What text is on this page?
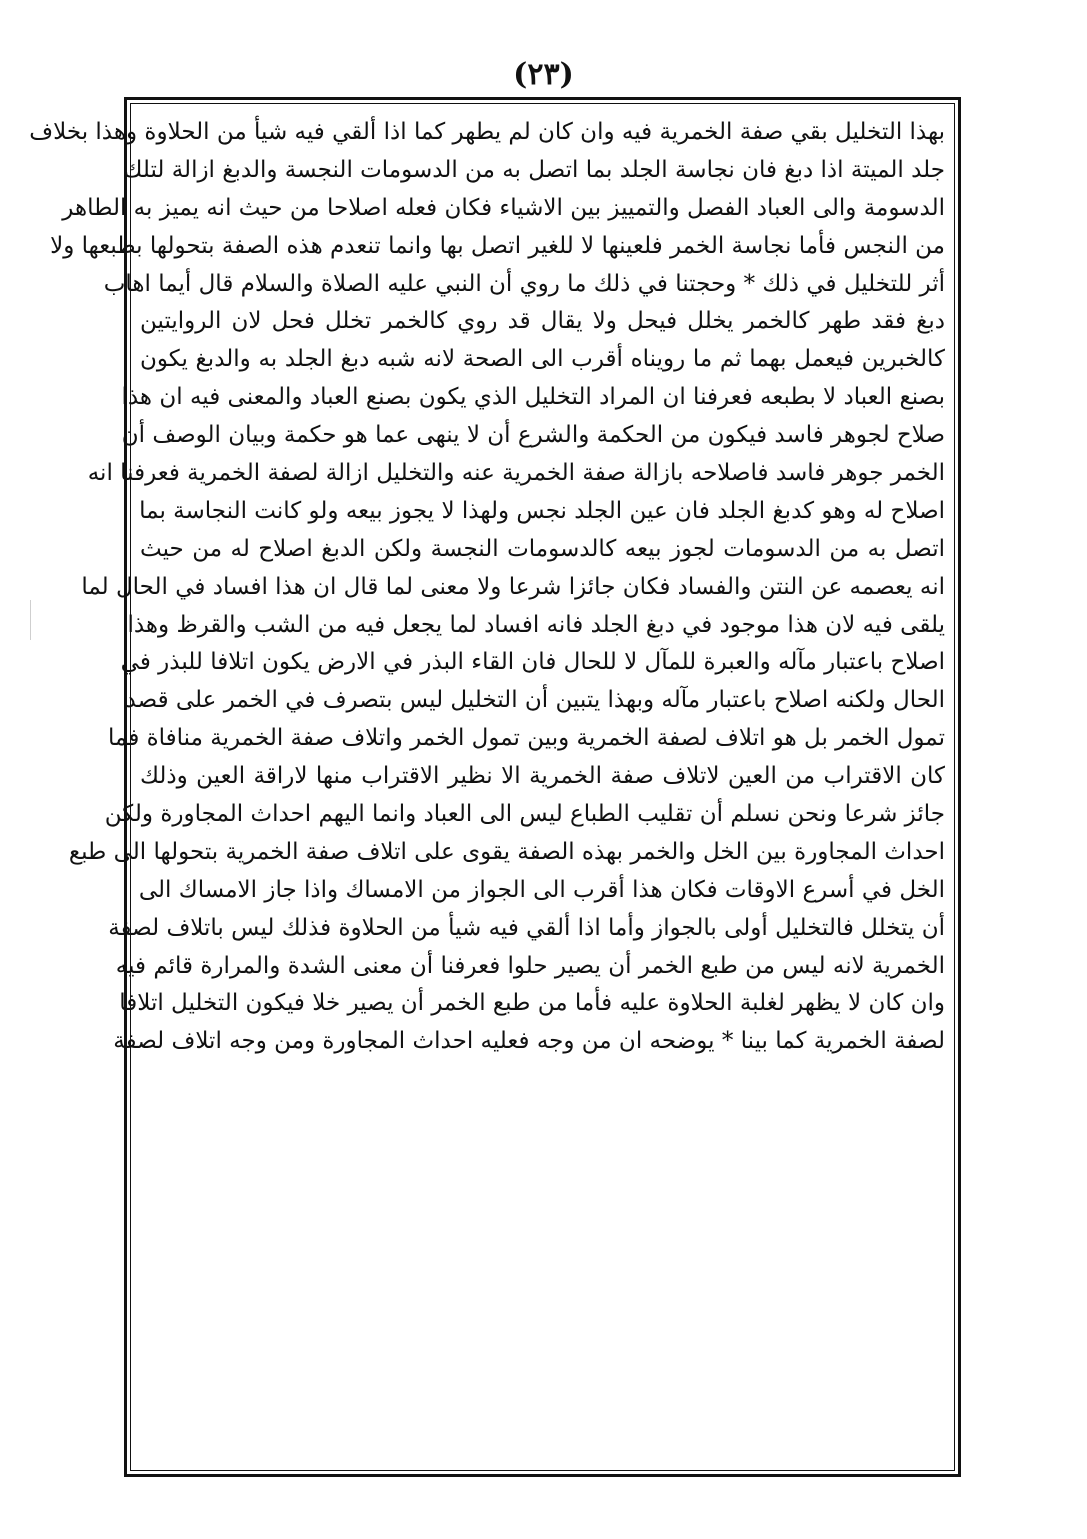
(٢٣)
بهذا التخليل بقي صفة الخمرية فيه وان كان لم يطهر كما اذا ألقي فيه شيأ من الحلاوة وهذا بخلاف
جلد الميتة اذا دبغ فان نجاسة الجلد بما اتصل به من الدسومات النجسة والدبغ ازالة لتلك
الدسومة والى العباد الفصل والتمييز بين الاشياء فكان فعله اصلاحا من حيث انه يميز به الطاهر
من النجس فأما نجاسة الخمر فلعينها لا للغير اتصل بها وانما تنعدم هذه الصفة بتحولها بطبعها ولا
أثر للتخليل في ذلك * وحجتنا في ذلك ما روي أن النبي عليه الصلاة والسلام قال أيما اهاب
دبغ فقد طهر كالخمر يخلل فيحل ولا يقال قد روي كالخمر تخلل فحل لان الروايتين
كالخبرين فيعمل بهما ثم ما رويناه أقرب الى الصحة لانه شبه دبغ الجلد به والدبغ يكون
بصنع العباد لا بطبعه فعرفنا ان المراد التخليل الذي يكون بصنع العباد والمعنى فيه ان هذا
صلاح لجوهر فاسد فيكون من الحكمة والشرع أن لا ينهى عما هو حكمة وبيان الوصف أن
الخمر جوهر فاسد فاصلاحه بازالة صفة الخمرية عنه والتخليل ازالة لصفة الخمرية فعرفنا انه
اصلاح له وهو كدبغ الجلد فان عين الجلد نجس ولهذا لا يجوز بيعه ولو كانت النجاسة بما
اتصل به من الدسومات لجوز بيعه كالدسومات النجسة ولكن الدبغ اصلاح له من حيث
انه يعصمه عن النتن والفساد فكان جائزا شرعا ولا معنى لما قال ان هذا افساد في الحال لما
يلقى فيه لان هذا موجود في دبغ الجلد فانه افساد لما يجعل فيه من الشب والقرظ وهذا
اصلاح باعتبار مآله والعبرة للمآل لا للحال فان القاء البذر في الارض يكون اتلافا للبذر في
الحال ولكنه اصلاح باعتبار مآله وبهذا يتبين أن التخليل ليس بتصرف في الخمر على قصد
تمول الخمر بل هو اتلاف لصفة الخمرية وبين تمول الخمر واتلاف صفة الخمرية منافاة فما
كان الاقتراب من العين لاتلاف صفة الخمرية الا نظير الاقتراب منها لاراقة العين وذلك
جائز شرعا ونحن نسلم أن تقليب الطباع ليس الى العباد وانما اليهم احداث المجاورة ولكن
احداث المجاورة بين الخل والخمر بهذه الصفة يقوى على اتلاف صفة الخمرية بتحولها الى طبع
الخل في أسرع الاوقات فكان هذا أقرب الى الجواز من الامساك واذا جاز الامساك الى
أن يتخلل فالتخليل أولى بالجواز وأما اذا ألقي فيه شيأ من الحلاوة فذلك ليس باتلاف لصفة
الخمرية لانه ليس من طبع الخمر أن يصير حلوا فعرفنا أن معنى الشدة والمرارة قائم فيه
وان كان لا يظهر لغلبة الحلاوة عليه فأما من طبع الخمر أن يصير خلا فيكون التخليل اتلافا
لصفة الخمرية كما بينا * يوضحه ان من وجه فعليه احداث المجاورة ومن وجه اتلاف لصفة
